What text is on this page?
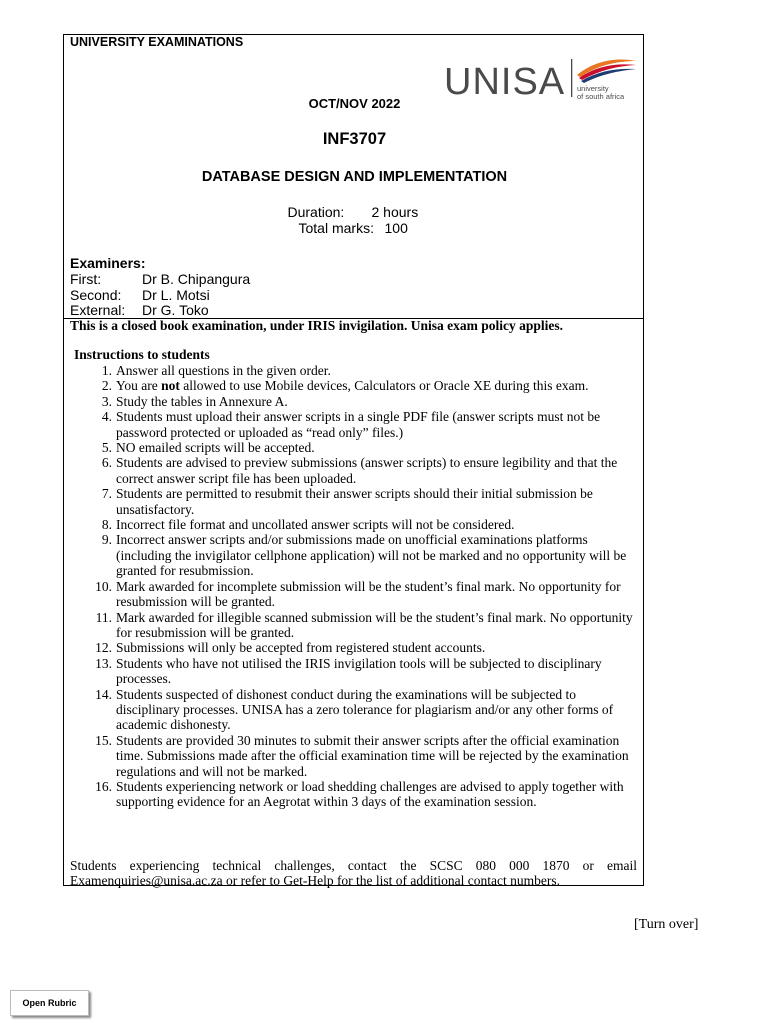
UNIVERSITY EXAMINATIONS
UNISA university
of south africa
OCT/NOV 2022
INF3707
DATABASE DESIGN AND IMPLEMENTATION
Duration: 2 hours
Total marks: 100
Examiners:
First:	Dr B. Chipangura
Second: Dr L. Motsi
External: Dr G. Toko
This is a closed book examination, under IRIS invigilation. Unisa exam policy applies.
Instructions to students
1. Answer all questions in the given order.
2. You are not allowed to use Mobile devices, Calculators or Oracle XE during this exam.
3. Study the tables in Annexure A.
4. Students must upload their answer scripts in a single PDF file (answer scripts must not be password protected or uploaded as “read only” files.)
5. NO emailed scripts will be accepted.
6. Students are advised to preview submissions (answer scripts) to ensure legibility and that the correct answer script file has been uploaded.
7. Students are permitted to resubmit their answer scripts should their initial submission be unsatisfactory.
8. Incorrect file format and uncollated answer scripts will not be considered.
9. Incorrect answer scripts and/or submissions made on unofficial examinations platforms (including the invigilator cellphone application) will not be marked and no opportunity will be granted for resubmission.
10. Mark awarded for incomplete submission will be the student’s final mark. No opportunity for resubmission will be granted.
11. Mark awarded for illegible scanned submission will be the student’s final mark. No opportunity for resubmission will be granted.
12. Submissions will only be accepted from registered student accounts.
13. Students who have not utilised the IRIS invigilation tools will be subjected to disciplinary processes.
14. Students suspected of dishonest conduct during the examinations will be subjected to disciplinary processes. UNISA has a zero tolerance for plagiarism and/or any other forms of academic dishonesty.
15. Students are provided 30 minutes to submit their answer scripts after the official examination time. Submissions made after the official examination time will be rejected by the examination regulations and will not be marked.
16. Students experiencing network or load shedding challenges are advised to apply together with supporting evidence for an Aegrotat within 3 days of the examination session.
Students experiencing technical challenges, contact the SCSC 080 000 1870 or email Examenquiries@unisa.ac.za or refer to Get-Help for the list of additional contact numbers.
[Turn over]
Open Rubric
